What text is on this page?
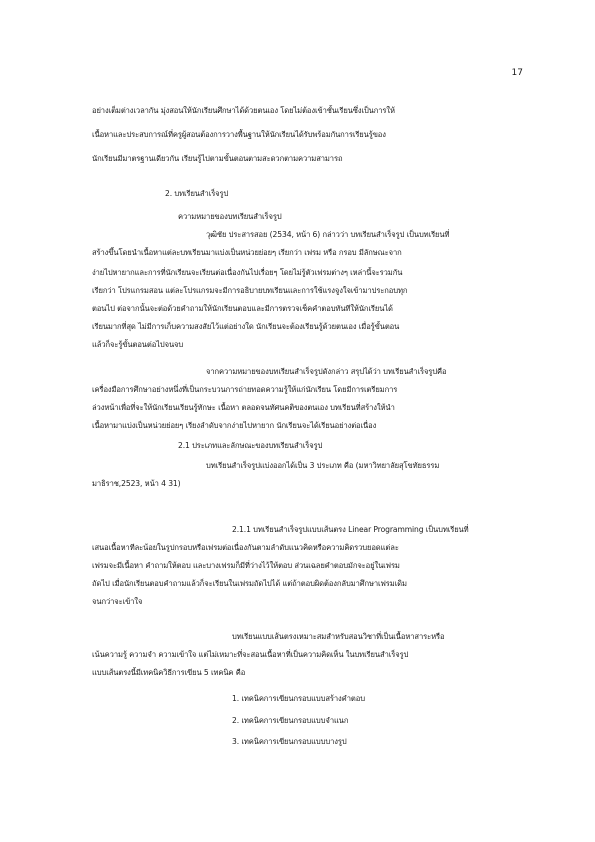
17
อย่างเต็มต่างเวลากัน มุ่งสอนให้นักเรียนศึกษาได้ด้วยตนเอง โดยไม่ต้องเข้าชั้นเรียนซึ่งเป็นการให้
เนื้อหาและประสบการณ์ที่ครูผู้สอนต้องการวางพื้นฐานให้นักเรียนได้รับพร้อมกันการเรียนรู้ของ
นักเรียนมีมาตรฐานเดียวกัน เรียนรู้ไปตามขั้นตอนตามสะดวกตามความสามารถ
2. บทเรียนสำเร็จรูป
ความหมายของบทเรียนสำเร็จรูป
วุฒิชัย ประสารสอย (2534, หน้า 6) กล่าวว่า บทเรียนสำเร็จรูป เป็นบทเรียนที่
สร้างขึ้นโดยนำเนื้อหาแต่ละบทเรียนมาแบ่งเป็นหน่วยย่อยๆ เรียกว่า เฟรม หรือ กรอบ มีลักษณะจาก
ง่ายไปหายากและการที่นักเรียนจะเรียนต่อเนื่องกันไปเรื่อยๆ โดยไม่รู้ตัวเฟรมต่างๆ เหล่านี้จะรวมกัน
เรียกว่า โปรแกรมสอน แต่ละโปรแกรมจะมีการอธิบายบทเรียนและการใช้แรงจูงใจเข้ามาประกอบทุก
ตอนไป ต่อจากนั้นจะต่อด้วยคำถามให้นักเรียนตอบและมีการตรวจเช็คคำตอบทันทีให้นักเรียนได้
เรียนมากที่สุด ไม่มีการเก็บความสงสัยไว้แต่อย่างใด นักเรียนจะต้องเรียนรู้ด้วยตนเอง เมื่อรู้ขั้นตอน
แล้วก็จะรู้ขั้นตอนต่อไปจนจบ
จากความหมายของบทเรียนสำเร็จรูปดังกล่าว สรุปได้ว่า บทเรียนสำเร็จรูปคือ
เครื่องมือการศึกษาอย่างหนึ่งที่เป็นกระบวนการถ่ายทอดความรู้ให้แก่นักเรียน โดยมีการเตรียมการ
ล่วงหน้าเพื่อที่จะให้นักเรียนเรียนรู้ทักษะ เนื้อหา ตลอดจนทัศนคติของตนเอง บทเรียนที่สร้างให้นำ
เนื้อหามาแบ่งเป็นหน่วยย่อยๆ เรียงลำดับจากง่ายไปหายาก นักเรียนจะได้เรียนอย่างต่อเนื่อง
2.1 ประเภทและลักษณะของบทเรียนสำเร็จรูป
บทเรียนสำเร็จรูปแบ่งออกได้เป็น 3 ประเภท คือ (มหาวิทยาลัยสุโขทัยธรรม
มาธิราช,2523, หน้า 4 31)
2.1.1 บทเรียนสำเร็จรูปแบบเส้นตรง Linear Programming เป็นบทเรียนที่
เสนอเนื้อหาทีละน้อยในรูปกรอบหรือเฟรมต่อเนื่องกันตามลำดับแนวคิดหรือความคิดรวบยอดแต่ละ
เฟรมจะมีเนื้อหา คำถามให้ตอบ และบางเฟรมก็มีที่ว่างไว้ให้ตอบ ส่วนเฉลยคำตอบมักจะอยู่ในเฟรม
ถัดไป เมื่อนักเรียนตอบคำถามแล้วก็จะเรียนในเฟรมถัดไปได้ แต่ถ้าตอบผิดต้องกลับมาศึกษาเฟรมเดิม
จนกว่าจะเข้าใจ
บทเรียนแบบเส้นตรงเหมาะสมสำหรับสอนวิชาที่เป็นเนื้อหาสาระหรือ
เน้นความรู้ ความจำ ความเข้าใจ แต่ไม่เหมาะที่จะสอนเนื้อหาที่เป็นความคิดเห็น ในบทเรียนสำเร็จรูป
แบบเส้นตรงนี้มีเทคนิควิธีการเขียน 5 เทคนิค คือ
1. เทคนิคการเขียนกรอบแบบสร้างคำตอบ
2. เทคนิคการเขียนกรอบแบบจำแนก
3. เทคนิคการเขียนกรอบแบบบางรูป
